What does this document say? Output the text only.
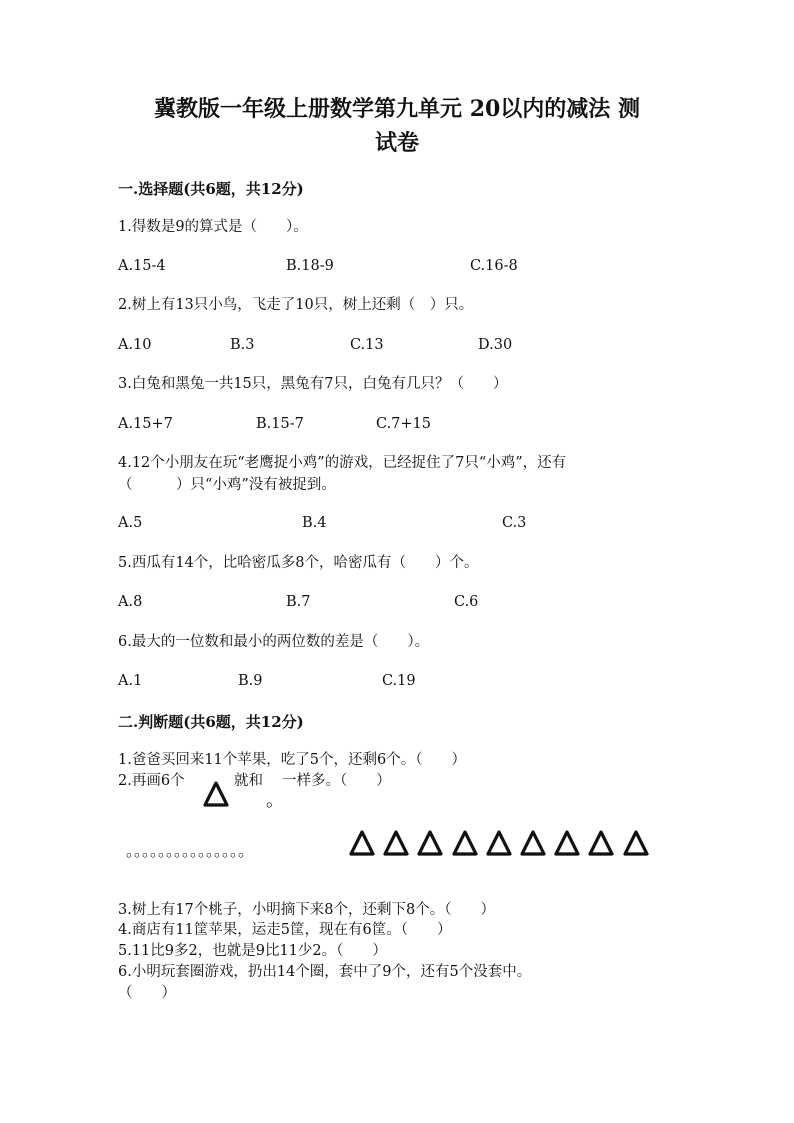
冀教版一年级上册数学第九单元 20以内的减法 测
试卷
一.选择题(共6题，共12分)
1.得数是9的算式是（　　）。
A.15-4	B.18-9	C.16-8
2.树上有13只小鸟，飞走了10只，树上还剩（　）只。
A.10	B.3	C.13	D.30
3.白兔和黑兔一共15只，黑兔有7只，白兔有几只？（　　）
A.15+7	B.15-7	C.7+15
4.12个小朋友在玩“老鹰捉小鸡”的游戏，已经捉住了7只“小鸡”，还有
（　　　）只“小鸡”没有被捉到。
A.5	B.4	C.3
5.西瓜有14个，比哈密瓜多8个，哈密瓜有（　　）个。
A.8	B.7	C.6
6.最大的一位数和最小的两位数的差是（　　）。
A.1	B.9	C.19
二.判断题(共6题，共12分)
1.爸爸买回来11个苹果，吃了5个，还剩6个。（　　）
2.再画6个	就和
。
一样多。（　　）
。。。。。。。。。。。。。。。
3.树上有17个桃子，小明摘下来8个，还剩下8个。（　　）
4.商店有11筐苹果，运走5筐，现在有6筐。（　　）
5.11比9多2，也就是9比11少2。（　　）
6.小明玩套圈游戏，扔出14个圈，套中了9个，还有5个没套中。
（　　）
